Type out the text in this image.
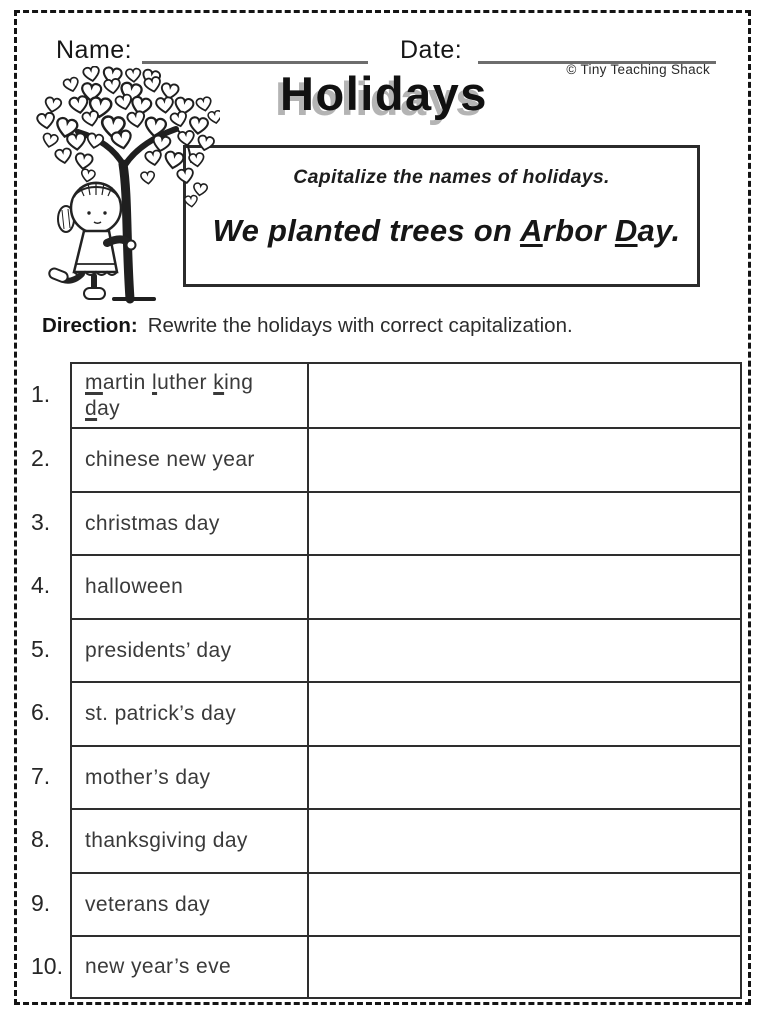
Name:	Date:
© Tiny Teaching Shack
Holidays

Capitalize the names of holidays.

We planted trees on Arbor Day.

Direction: Rewrite the holidays with correct capitalization.

1.	martin luther king
day
2.	chinese new year
3.	christmas day
4.	halloween
5.	presidents’ day
6.	st. patrick’s day
7.	mother’s day
8.	thanksgiving day
9.	veterans day
10.	new year’s eve
